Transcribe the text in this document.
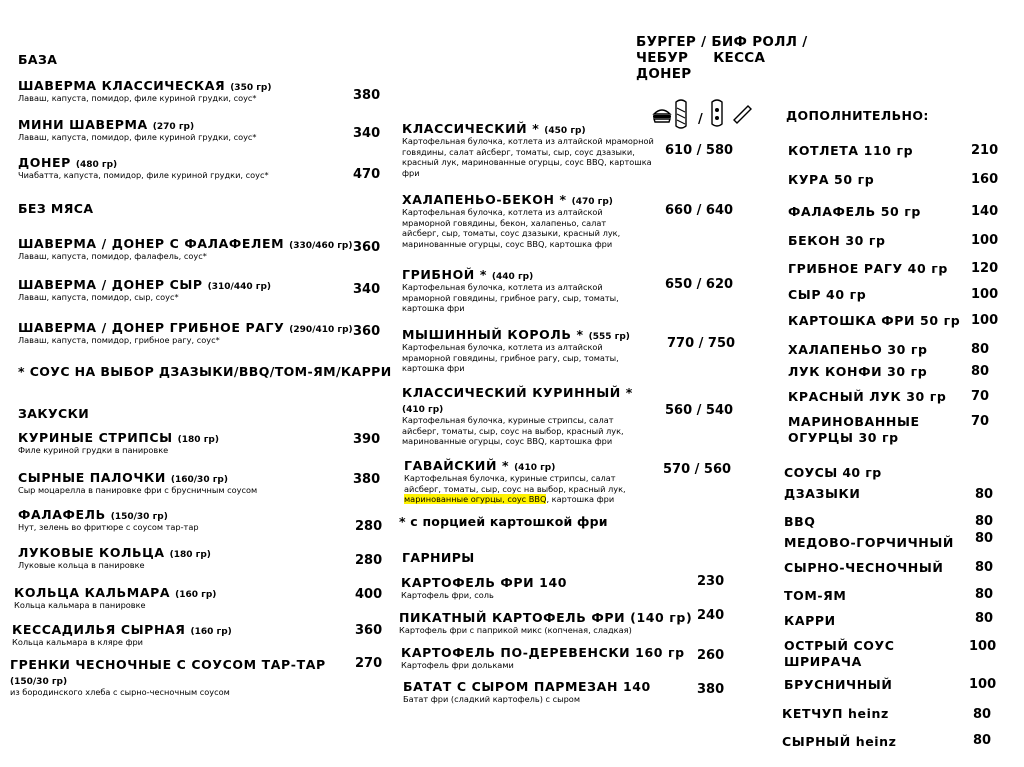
БАЗА
ШАВЕРМА КЛАССИЧЕСКАЯ (350 гр)
Лаваш, капуста, помидор, филе куриной грудки, соус*	380
МИНИ ШАВЕРМА (270 гр)
Лаваш, капуста, помидор, филе куриной грудки, соус*	340
ДОНЕР (480 гр)
Чиабатта, капуста, помидор, филе куриной грудки, соус*	470
БЕЗ МЯСА
ШАВЕРМА / ДОНЕР С ФАЛАФЕЛЕМ (330/460 гр)
Лаваш, капуста, помидор, фалафель, соус*
360
ШАВЕРМА / ДОНЕР СЫР (310/440 гр)
Лаваш, капуста, помидор, сыр, соус*	340
ШАВЕРМА / ДОНЕР ГРИБНОЕ РАГУ (290/410 гр)
Лаваш, капуста, помидор, грибное рагу, соус*
360
* СОУС НА ВЫБОР ДЗАЗЫКИ/BBQ/ТОМ-ЯМ/КАРРИ
ЗАКУСКИ
КУРИНЫЕ СТРИПСЫ (180 гр)
Филе куриной грудки в панировке
390
СЫРНЫЕ ПАЛОЧКИ (160/30 гр)
Сыр моцарелла в панировке фри с брусничным соусом
380
ФАЛАФЕЛЬ (150/30 гр)
Нут, зелень во фритюре с соусом тар-тар	280
ЛУКОВЫЕ КОЛЬЦА (180 гр)
Луковые кольца в панировке	280
КОЛЬЦА КАЛЬМАРА (160 гр)
Кольца кальмара в панировке
400
КЕССАДИЛЬЯ СЫРНАЯ (160 гр)
Кольца кальмара в кляре фри
360
ГРЕНКИ ЧЕСНОЧНЫЕ С СОУСОМ ТАР-ТАР
(150/30 гр)
из бородинского хлеба с сырно-чесночным соусом
270
БУРГЕР / БИФ РОЛЛ /
ЧЕБУР     КЕССА
ДОНЕР
/
КЛАССИЧЕСКИЙ * (450 гр)
Картофельная булочка, котлета из алтайской мраморной
говядины, салат айсберг, томаты, сыр, соус дзазыки,
красный лук, маринованные огурцы, соус BBQ, картошка
фри
610 / 580
ХАЛАПЕНЬО-БЕКОН * (470 гр)
Картофельная булочка, котлета из алтайской
мраморной говядины, бекон, халапеньо, салат
айсберг, сыр, томаты, соус дзазыки, красный лук,
маринованные огурцы, соус BBQ, картошка фри
660 / 640
ГРИБНОЙ * (440 гр)
Картофельная булочка, котлета из алтайской
мраморной говядины, грибное рагу, сыр, томаты,
картошка фри
650 / 620
МЫШИННЫЙ КОРОЛЬ * (555 гр)
Картофельная булочка, котлета из алтайской
мраморной говядины, грибное рагу, сыр, томаты,
картошка фри
770 / 750
КЛАССИЧЕСКИЙ КУРИННЫЙ *
(410 гр)
Картофельная булочка, куриные стрипсы, салат
айсберг, томаты, сыр, соус на выбор, красный лук,
маринованные огурцы, соус BBQ, картошка фри
560 / 540
ГАВАЙСКИЙ * (410 гр)
Картофельная булочка, куриные стрипсы, салат
айсберг, томаты, сыр, соус на выбор, красный лук,
маринованные огурцы, соус BBQ, картошка фри
570 / 560
* с порцией картошкой фри
ГАРНИРЫ
КАРТОФЕЛЬ ФРИ 140
Картофель фри, соль
230
ПИКАТНЫЙ КАРТОФЕЛЬ ФРИ (140 гр)
Картофель фри с паприкой микс (копченая, сладкая)
240
КАРТОФЕЛЬ ПО-ДЕРЕВЕНСКИ 160 гр
Картофель фри дольками
260
БАТАТ С СЫРОМ ПАРМЕЗАН 140
Батат фри (сладкий картофель) с сыром
380
ДОПОЛНИТЕЛЬНО:
КОТЛЕТА 110 гр	210
КУРА 50 гр	160
ФАЛАФЕЛЬ 50 гр	140
БЕКОН 30 гр	100
ГРИБНОЕ РАГУ 40 гр 120
СЫР 40 гр	100
КАРТОШКА ФРИ 50 гр 100
ХАЛАПЕНЬО 30 гр	80
ЛУК КОНФИ 30 гр	80
КРАСНЫЙ ЛУК 30 гр 70
МАРИНОВАННЫЕ
ОГУРЦЫ 30 гр
70
СОУСЫ 40 гр
ДЗАЗЫКИ	80
BBQ	80
МЕДОВО-ГОРЧИЧНЫЙ 80
СЫРНО-ЧЕСНОЧНЫЙ 80
ТОМ-ЯМ	80
КАРРИ	80
ОСТРЫЙ СОУС
ШРИРАЧА
100
БРУСНИЧНЫЙ	100
КЕТЧУП heinz	80
СЫРНЫЙ heinz	80
